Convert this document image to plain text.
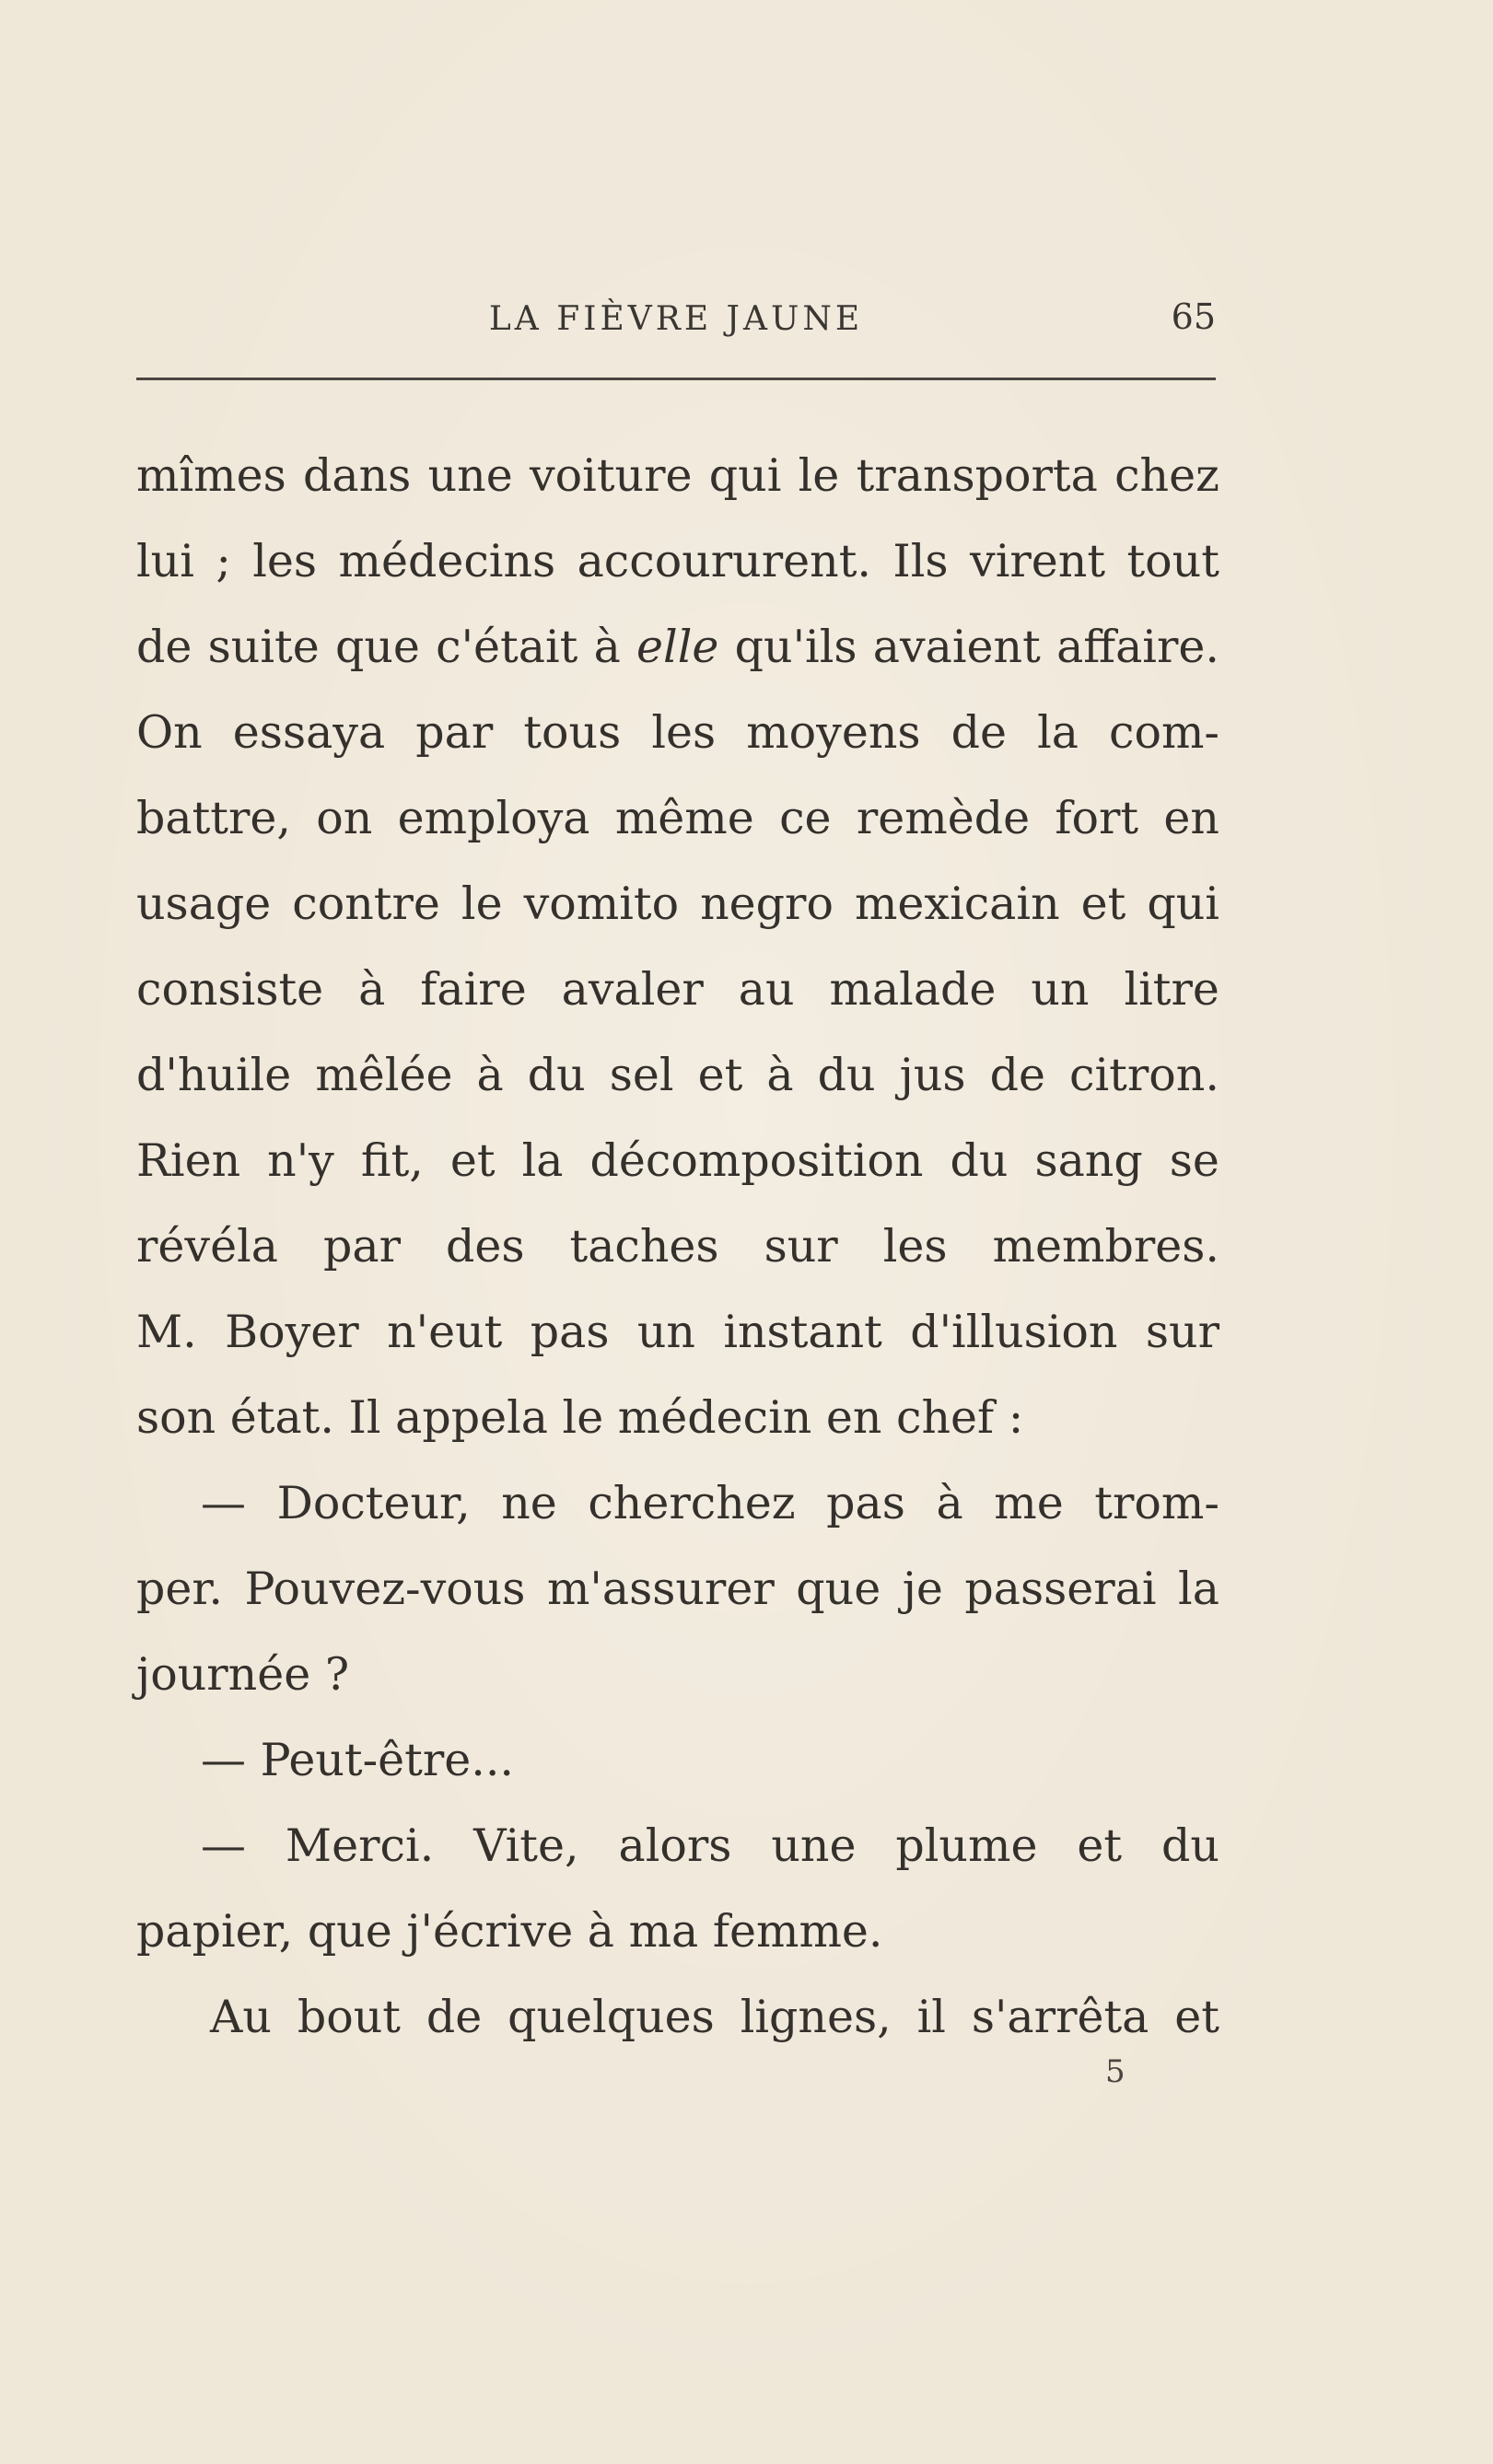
LA FIÈVRE JAUNE	65
mîmes dans une voiture qui le transporta chez
lui ; les médecins accoururent. Ils virent tout
de suite que c'était à elle qu'ils avaient affaire.
On essaya par tous les moyens de la com-
battre, on employa même ce remède fort en
usage contre le vomito negro mexicain et qui
consiste à faire avaler au malade un litre
d'huile mêlée à du sel et à du jus de citron.
Rien n'y fit, et la décomposition du sang se
révéla par des taches sur les membres.
M. Boyer n'eut pas un instant d'illusion sur
son état. Il appela le médecin en chef :
— Docteur, ne cherchez pas à me trom-
per. Pouvez-vous m'assurer que je passerai la
journée ?
— Peut-être...
— Merci. Vite, alors une plume et du
papier, que j'écrive à ma femme.
Au bout de quelques lignes, il s'arrêta et
5
